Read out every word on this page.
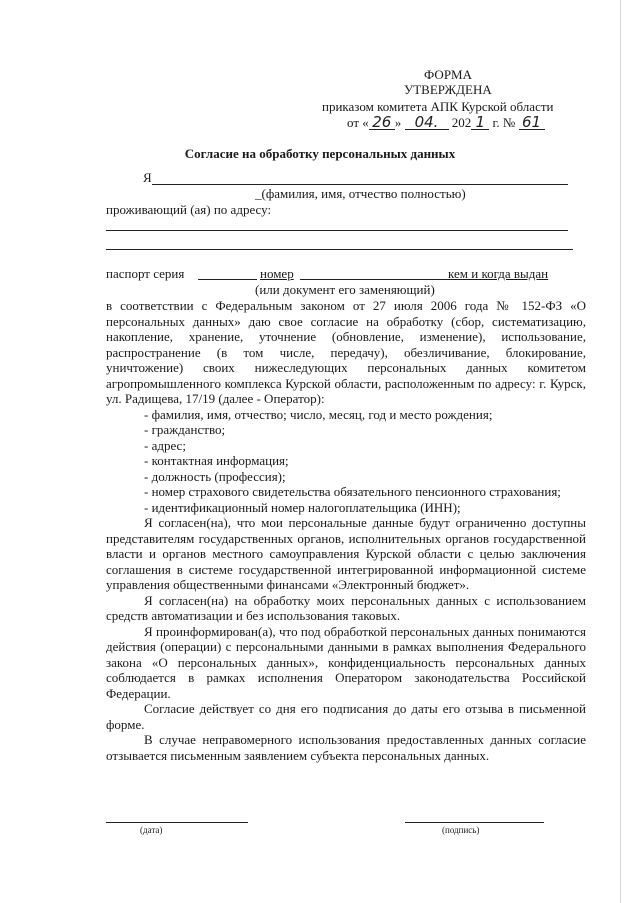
ФОРМА
УТВЕРЖДЕНА
приказом комитета АПК Курской области
от « 26 » 04. 202 1 г. № 61
Согласие на обработку персональных данных
Я
_(фамилия, имя, отчество полностью)
проживающий (ая) по адресу:
паспорт серия	номер	кем и когда выдан
(или документ его заменяющий)

в соответствии с Федеральным законом от 27 июля 2006 года № 152-ФЗ «О персональных данных» даю свое согласие на обработку (сбор, систематизацию, накопление, хранение, уточнение (обновление, изменение), использование, распространение (в том числе, передачу), обезличивание, блокирование, уничтожение) своих нижеследующих персональных данных комитетом агропромышленного комплекса Курской области, расположенным по адресу: г. Курск, ул. Радищева, 17/19 (далее - Оператор):

- фамилия, имя, отчество; число, месяц, год и место рождения;

- гражданство;

- адрес;

- контактная информация;

- должность (профессия);

- номер страхового свидетельства обязательного пенсионного страхования;

- идентификационный номер налогоплательщика (ИНН);

Я согласен(на), что мои персональные данные будут ограниченно доступны представителям государственных органов, исполнительных органов государственной власти и органов местного самоуправления Курской области с целью заключения соглашения в системе государственной интегрированной информационной системе управления общественными финансами «Электронный бюджет».

Я согласен(на) на обработку моих персональных данных с использованием средств автоматизации и без использования таковых.

Я проинформирован(а), что под обработкой персональных данных понимаются действия (операции) с персональными данными в рамках выполнения Федерального закона «О персональных данных», конфиденциальность персональных данных соблюдается в рамках исполнения Оператором законодательства Российской Федерации.

Согласие действует со дня его подписания до даты его отзыва в письменной форме.

В случае неправомерного использования предоставленных данных согласие отзывается письменным заявлением субъекта персональных данных.

(дата)	(подпись)
